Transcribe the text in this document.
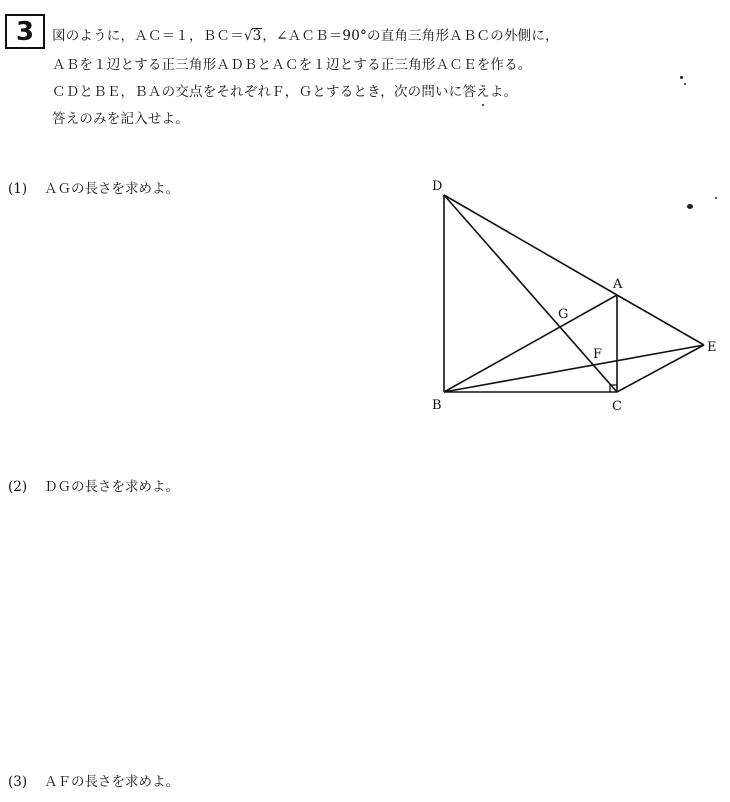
3 図のように，ＡＣ＝１，ＢＣ＝√3，∠ＡＣＢ＝90°の直角三角形ＡＢＣの外側に，
ＡＢを１辺とする正三角形ＡＤＢとＡＣを１辺とする正三角形ＡＣＥを作る。
ＣＤとＢＥ，ＢＡの交点をそれぞれＦ，Ｇとするとき，次の問いに答えよ。
答えのみを記入せよ。
(1) ＡＧの長さを求めよ。
(2) ＤＧの長さを求めよ。
(3) ＡＦの長さを求めよ。
D
A
G
F	E
B	C
